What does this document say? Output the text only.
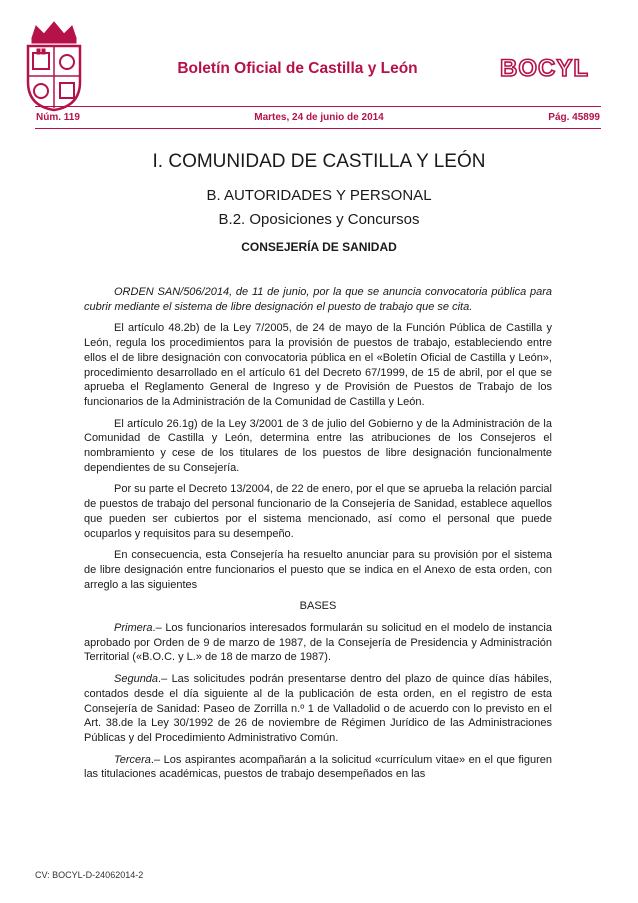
Boletín Oficial de Castilla y León	BOCYL
Núm. 119	Martes, 24 de junio de 2014	Pág. 45899
I. COMUNIDAD DE CASTILLA Y LEÓN
B. AUTORIDADES Y PERSONAL
B.2. Oposiciones y Concursos
CONSEJERÍA DE SANIDAD

ORDEN SAN/506/2014, de 11 de junio, por la que se anuncia convocatoria pública para cubrir mediante el sistema de libre designación el puesto de trabajo que se cita.

El artículo 48.2b) de la Ley 7/2005, de 24 de mayo de la Función Pública de Castilla y León, regula los procedimientos para la provisión de puestos de trabajo, estableciendo entre ellos el de libre designación con convocatoria pública en el «Boletín Oficial de Castilla y León», procedimiento desarrollado en el artículo 61 del Decreto 67/1999, de 15 de abril, por el que se aprueba el Reglamento General de Ingreso y de Provisión de Puestos de Trabajo de los funcionarios de la Administración de la Comunidad de Castilla y León.

El artículo 26.1g) de la Ley 3/2001 de 3 de julio del Gobierno y de la Administración de la Comunidad de Castilla y León, determina entre las atribuciones de los Consejeros el nombramiento y cese de los titulares de los puestos de libre designación funcionalmente dependientes de su Consejería.

Por su parte el Decreto 13/2004, de 22 de enero, por el que se aprueba la relación parcial de puestos de trabajo del personal funcionario de la Consejería de Sanidad, establece aquellos que pueden ser cubiertos por el sistema mencionado, así como el personal que puede ocuparlos y requisitos para su desempeño.

En consecuencia, esta Consejería ha resuelto anunciar para su provisión por el sistema de libre designación entre funcionarios el puesto que se indica en el Anexo de esta orden, con arreglo a las siguientes

BASES

Primera.– Los funcionarios interesados formularán su solicitud en el modelo de instancia aprobado por Orden de 9 de marzo de 1987, de la Consejería de Presidencia y Administración Territorial («B.O.C. y L.» de 18 de marzo de 1987).

Segunda.– Las solicitudes podrán presentarse dentro del plazo de quince días hábiles, contados desde el día siguiente al de la publicación de esta orden, en el registro de esta Consejería de Sanidad: Paseo de Zorrilla n.º 1 de Valladolid o de acuerdo con lo previsto en el Art. 38.de la Ley 30/1992 de 26 de noviembre de Régimen Jurídico de las Administraciones Públicas y del Procedimiento Administrativo Común.

Tercera.– Los aspirantes acompañarán a la solicitud «currículum vitae» en el que figuren las titulaciones académicas, puestos de trabajo desempeñados en las

CV: BOCYL-D-24062014-2
